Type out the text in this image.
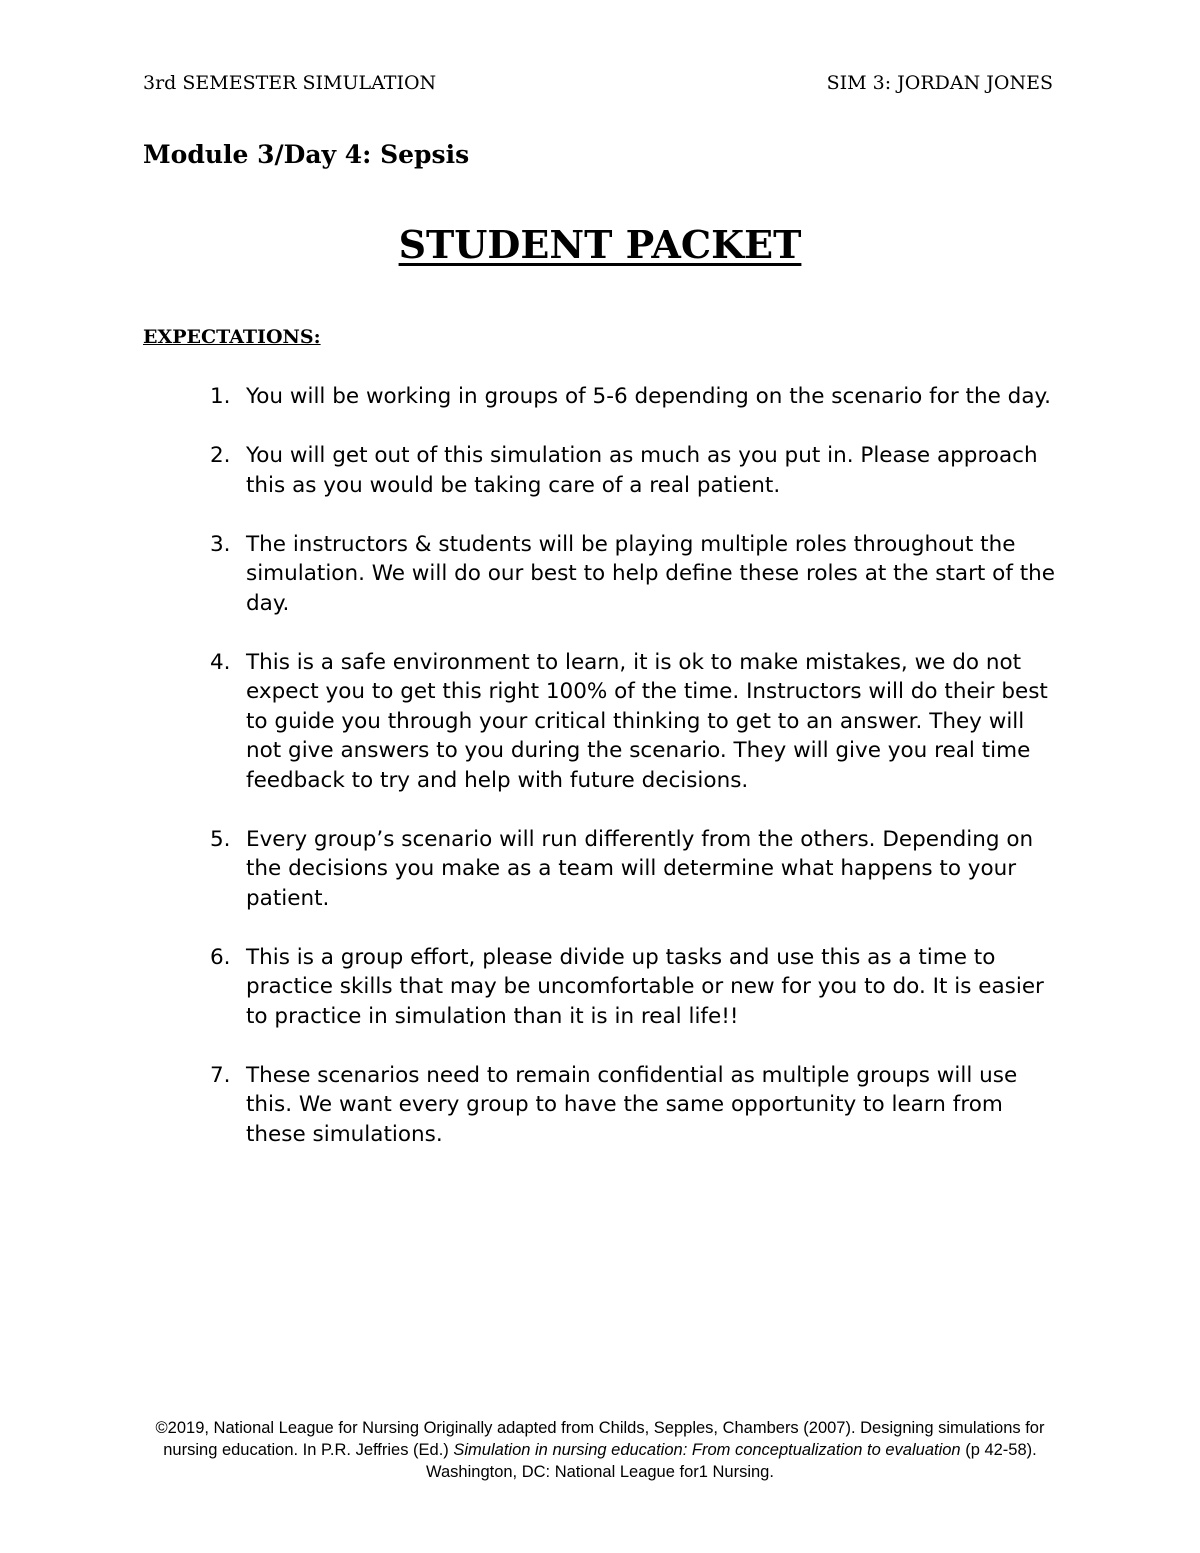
3rd SEMESTER SIMULATION	SIM 3: JORDAN JONES
Module 3/Day 4: Sepsis
STUDENT PACKET
EXPECTATIONS:
1. You will be working in groups of 5-6 depending on the scenario for the day.
2. You will get out of this simulation as much as you put in. Please approach this as you would be taking care of a real patient.
3. The instructors & students will be playing multiple roles throughout the simulation. We will do our best to help define these roles at the start of the day.
4. This is a safe environment to learn, it is ok to make mistakes, we do not expect you to get this right 100% of the time. Instructors will do their best to guide you through your critical thinking to get to an answer. They will not give answers to you during the scenario. They will give you real time feedback to try and help with future decisions.
5. Every group’s scenario will run differently from the others. Depending on the decisions you make as a team will determine what happens to your patient.
6. This is a group effort, please divide up tasks and use this as a time to practice skills that may be uncomfortable or new for you to do. It is easier to practice in simulation than it is in real life!!
7. These scenarios need to remain confidential as multiple groups will use this. We want every group to have the same opportunity to learn from these simulations.

©2019, National League for Nursing Originally adapted from Childs, Sepples, Chambers (2007). Designing simulations for nursing education. In P.R. Jeffries (Ed.) Simulation in nursing education: From conceptualization to evaluation (p 42-58). Washington, DC: National League for1 Nursing.
